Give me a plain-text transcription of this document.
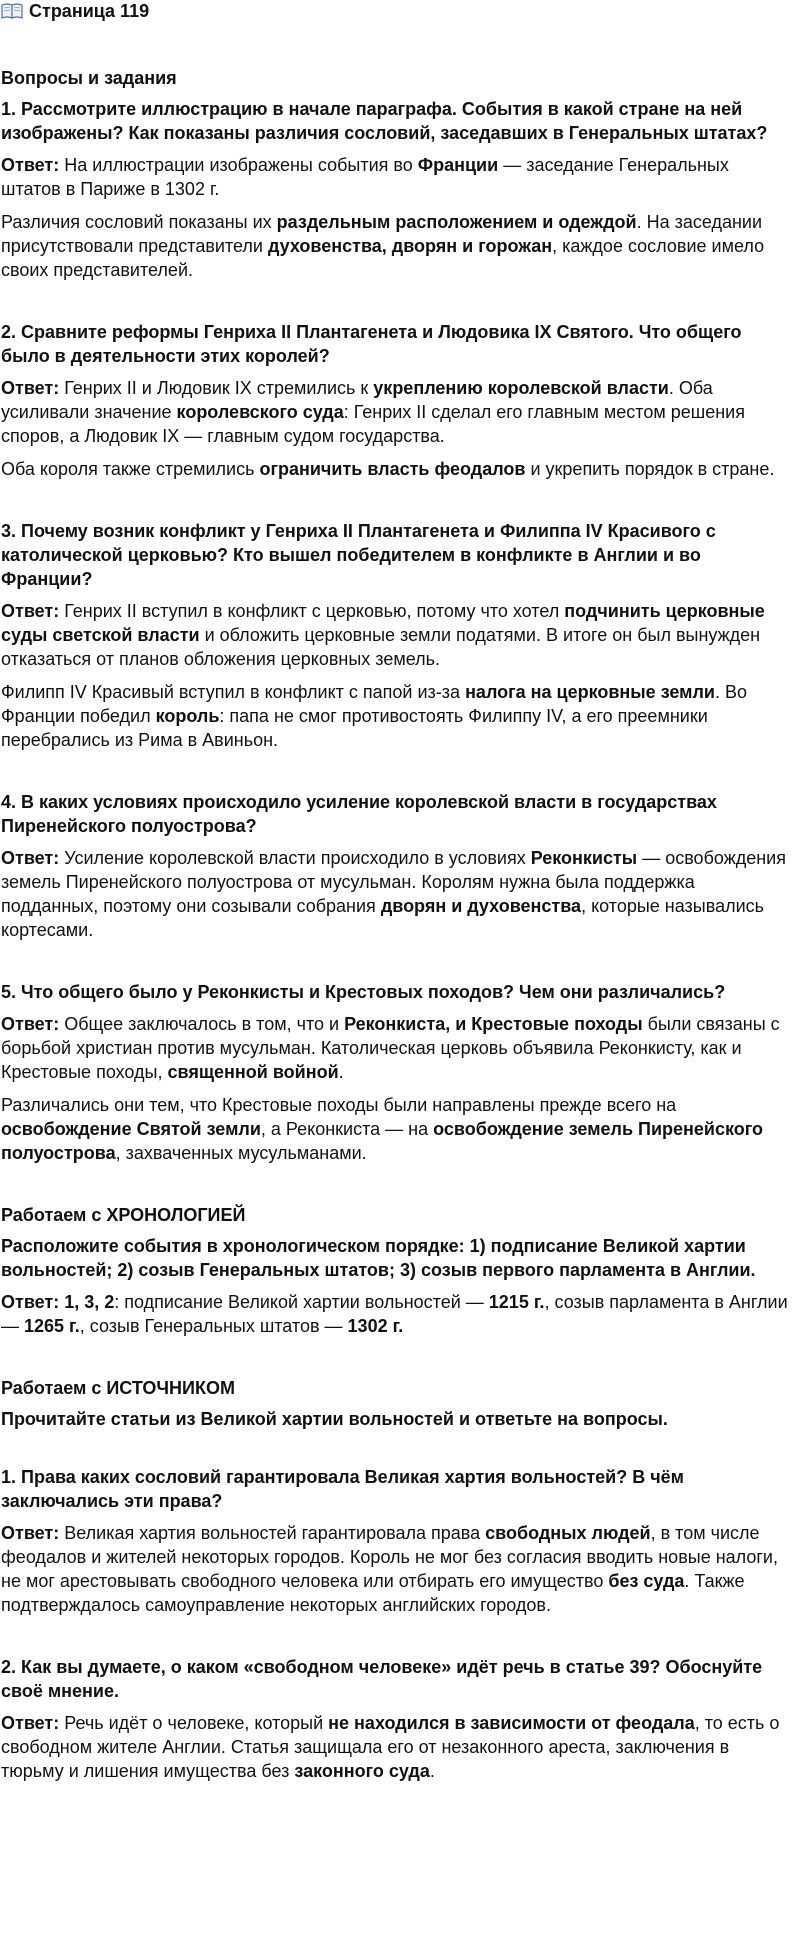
Страница 119
Вопросы и задания
1. Рассмотрите иллюстрацию в начале параграфа. События в какой стране на ней изображены? Как показаны различия сословий, заседавших в Генеральных штатах?
Ответ: На иллюстрации изображены события во Франции — заседание Генеральных штатов в Париже в 1302 г.
Различия сословий показаны их раздельным расположением и одеждой. На заседании присутствовали представители духовенства, дворян и горожан, каждое сословие имело своих представителей.
2. Сравните реформы Генриха II Плантагенета и Людовика IX Святого. Что общего было в деятельности этих королей?
Ответ: Генрих II и Людовик IX стремились к укреплению королевской власти. Оба усиливали значение королевского суда: Генрих II сделал его главным местом решения споров, а Людовик IX — главным судом государства.
Оба короля также стремились ограничить власть феодалов и укрепить порядок в стране.
3. Почему возник конфликт у Генриха II Плантагенета и Филиппа IV Красивого с католической церковью? Кто вышел победителем в конфликте в Англии и во Франции?
Ответ: Генрих II вступил в конфликт с церковью, потому что хотел подчинить церковные суды светской власти и обложить церковные земли податями. В итоге он был вынужден отказаться от планов обложения церковных земель.
Филипп IV Красивый вступил в конфликт с папой из-за налога на церковные земли. Во Франции победил король: папа не смог противостоять Филиппу IV, а его преемники перебрались из Рима в Авиньон.
4. В каких условиях происходило усиление королевской власти в государствах Пиренейского полуострова?
Ответ: Усиление королевской власти происходило в условиях Реконкисты — освобождения земель Пиренейского полуострова от мусульман. Королям нужна была поддержка подданных, поэтому они созывали собрания дворян и духовенства, которые назывались кортесами.
5. Что общего было у Реконкисты и Крестовых походов? Чем они различались?
Ответ: Общее заключалось в том, что и Реконкиста, и Крестовые походы были связаны с борьбой христиан против мусульман. Католическая церковь объявила Реконкисту, как и Крестовые походы, священной войной.
Различались они тем, что Крестовые походы были направлены прежде всего на освобождение Святой земли, а Реконкиста — на освобождение земель Пиренейского полуострова, захваченных мусульманами.
Работаем с ХРОНОЛОГИЕЙ
Расположите события в хронологическом порядке: 1) подписание Великой хартии вольностей; 2) созыв Генеральных штатов; 3) созыв первого парламента в Англии.
Ответ: 1, 3, 2: подписание Великой хартии вольностей — 1215 г., созыв парламента в Англии — 1265 г., созыв Генеральных штатов — 1302 г.
Работаем с ИСТОЧНИКОМ
Прочитайте статьи из Великой хартии вольностей и ответьте на вопросы.
1. Права каких сословий гарантировала Великая хартия вольностей? В чём заключались эти права?
Ответ: Великая хартия вольностей гарантировала права свободных людей, в том числе феодалов и жителей некоторых городов. Король не мог без согласия вводить новые налоги, не мог арестовывать свободного человека или отбирать его имущество без суда. Также подтверждалось самоуправление некоторых английских городов.
2. Как вы думаете, о каком «свободном человеке» идёт речь в статье 39? Обоснуйте своё мнение.
Ответ: Речь идёт о человеке, который не находился в зависимости от феодала, то есть о свободном жителе Англии. Статья защищала его от незаконного ареста, заключения в тюрьму и лишения имущества без законного суда.
